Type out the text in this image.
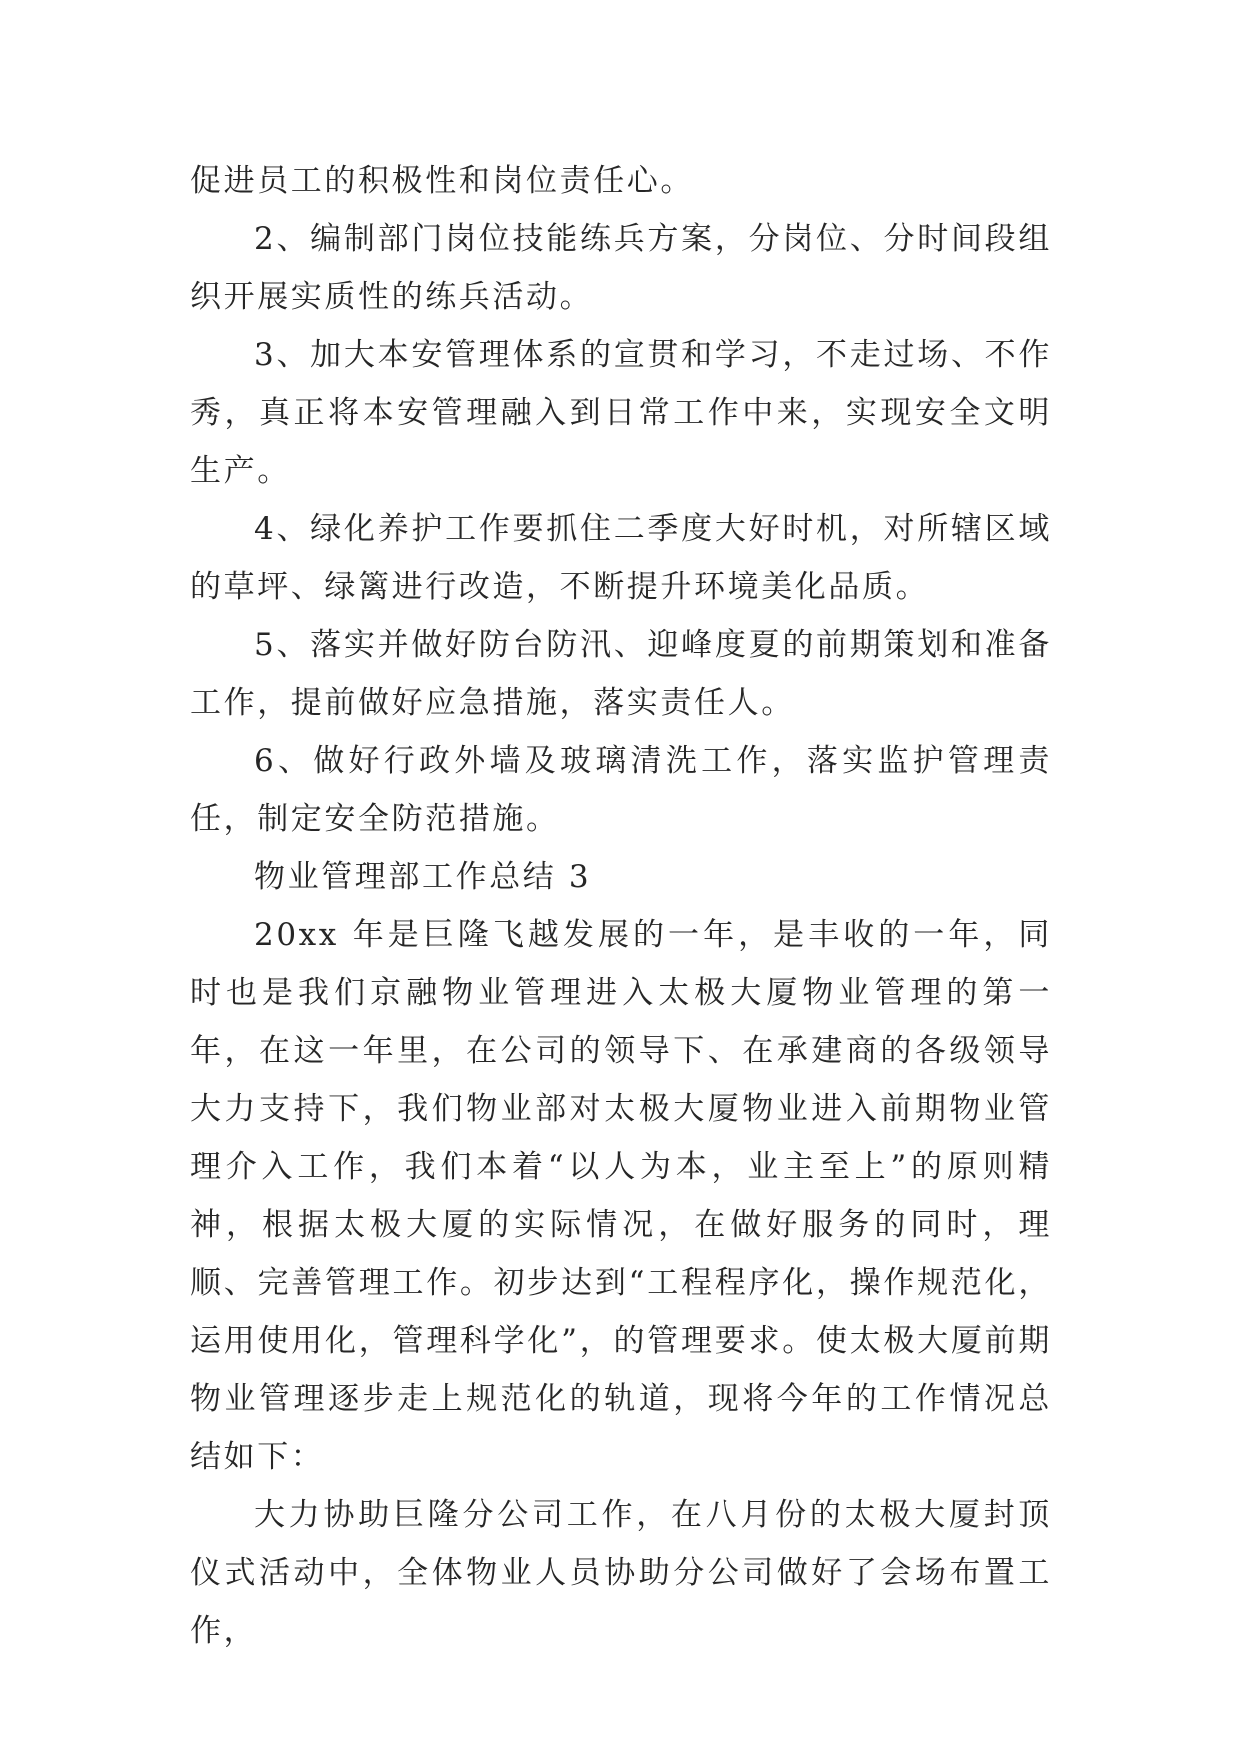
促进员工的积极性和岗位责任心。

2、编制部门岗位技能练兵方案，分岗位、分时间段组织开展实质性的练兵活动。

3、加大本安管理体系的宣贯和学习，不走过场、不作秀，真正将本安管理融入到日常工作中来，实现安全文明生产。

4、绿化养护工作要抓住二季度大好时机，对所辖区域的草坪、绿篱进行改造，不断提升环境美化品质。

5、落实并做好防台防汛、迎峰度夏的前期策划和准备工作，提前做好应急措施，落实责任人。

6、做好行政外墙及玻璃清洗工作，落实监护管理责任，制定安全防范措施。

物业管理部工作总结 3

20xx 年是巨隆飞越发展的一年，是丰收的一年，同时也是我们京融物业管理进入太极大厦物业管理的第一年，在这一年里，在公司的领导下、在承建商的各级领导大力支持下，我们物业部对太极大厦物业进入前期物业管理介入工作，我们本着“以人为本，业主至上”的原则精神，根据太极大厦的实际情况，在做好服务的同时，理顺、完善管理工作。初步达到“工程程序化，操作规范化，运用使用化，管理科学化”，的管理要求。使太极大厦前期物业管理逐步走上规范化的轨道，现将今年的工作情况总结如下：

大力协助巨隆分公司工作，在八月份的太极大厦封顶仪式活动中，全体物业人员协助分公司做好了会场布置工作，
